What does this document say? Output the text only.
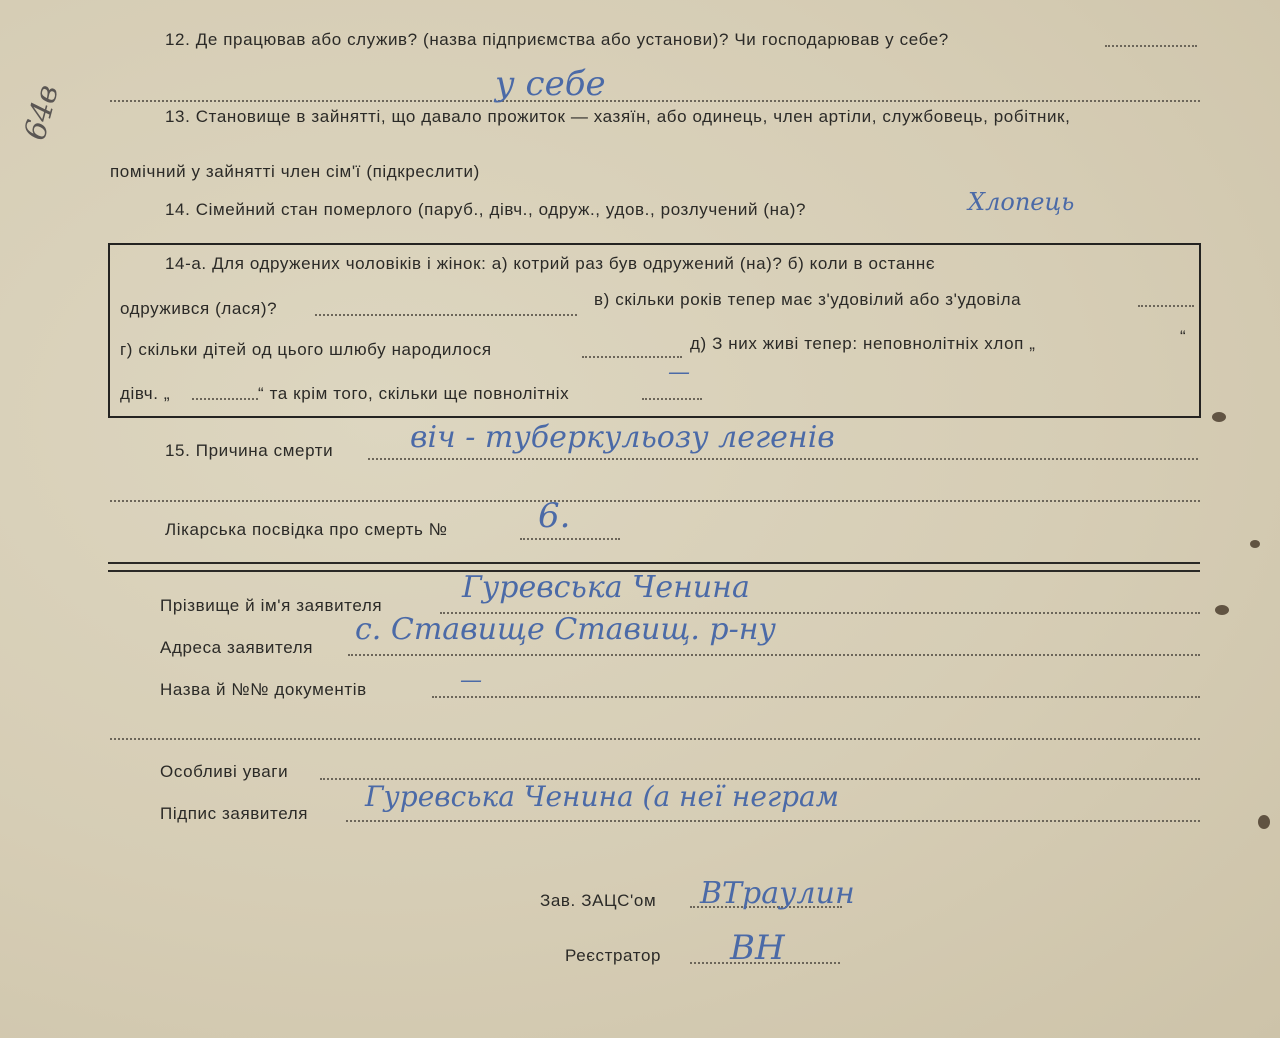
64в
12. Де працював або служив? (назва підприємства або установи)? Чи господарював у себе?
у себе
13. Становище в зайнятті, що давало прожиток — хазяїн, або одинець, член артіли, службовець, робітник,
помічний у зайнятті член сім'ї (підкреслити)
14. Сімейний стан померлого (паруб., дівч., одруж., удов., розлучений (на)?	Хлопець
14-а. Для одружених чоловіків і жінок: а) котрий раз був одружений (на)? б) коли в останнє
одружився (лася)?	в) скільки років тепер має з'удовілий або з'удовіла
г) скільки дітей од цього шлюбу народилося	д) З них живі тепер: неповнолітніх хлоп „	“
дівч. „	“ та крім того, скільки ще повнолітніх
—
15. Причина смерти	віч - туберкульозу легенів
Лікарська посвідка про смерть №	6.
Прізвище й ім'я заявителя
Гуревська Ченина
Адреса заявителя
с. Ставище Ставищ. р-ну
Назва й №№ документів	—
Особливі уваги
Підпис заявителя
Гуревська Ченина (а неї неграм
Зав. ЗАЦС'ом ВТраулин
Реєстратор ВН
